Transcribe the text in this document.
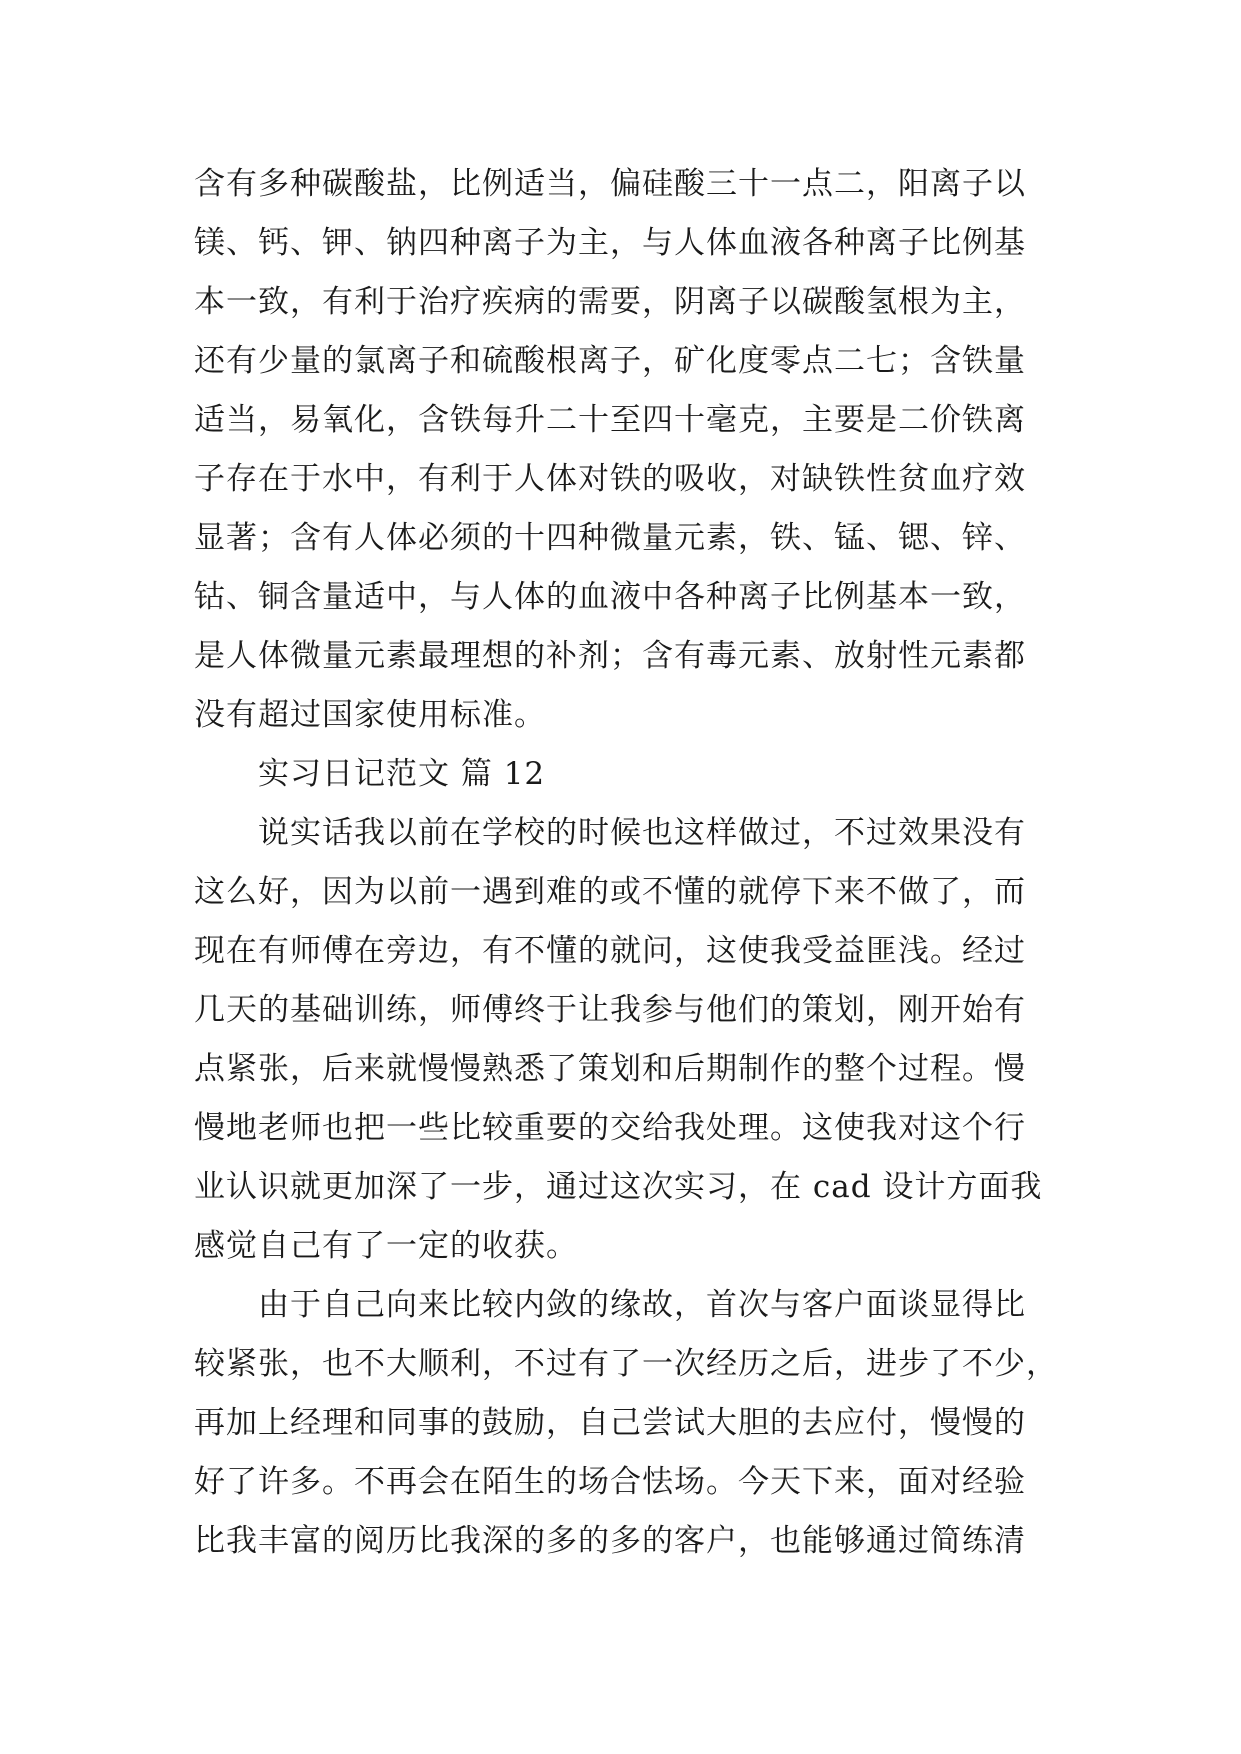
含有多种碳酸盐，比例适当，偏硅酸三十一点二，阳离子以
镁、钙、钾、钠四种离子为主，与人体血液各种离子比例基
本一致，有利于治疗疾病的需要，阴离子以碳酸氢根为主，
还有少量的氯离子和硫酸根离子，矿化度零点二七；含铁量
适当，易氧化，含铁每升二十至四十毫克，主要是二价铁离
子存在于水中，有利于人体对铁的吸收，对缺铁性贫血疗效
显著；含有人体必须的十四种微量元素，铁、锰、锶、锌、
钴、铜含量适中，与人体的血液中各种离子比例基本一致，
是人体微量元素最理想的补剂；含有毒元素、放射性元素都
没有超过国家使用标准。
实习日记范文 篇 12
说实话我以前在学校的时候也这样做过，不过效果没有
这么好，因为以前一遇到难的或不懂的就停下来不做了，而
现在有师傅在旁边，有不懂的就问，这使我受益匪浅。经过
几天的基础训练，师傅终于让我参与他们的策划，刚开始有
点紧张，后来就慢慢熟悉了策划和后期制作的整个过程。慢
慢地老师也把一些比较重要的交给我处理。这使我对这个行
业认识就更加深了一步，通过这次实习，在 cad 设计方面我
感觉自己有了一定的收获。
由于自己向来比较内敛的缘故，首次与客户面谈显得比
较紧张，也不大顺利，不过有了一次经历之后，进步了不少，
再加上经理和同事的鼓励，自己尝试大胆的去应付，慢慢的
好了许多。不再会在陌生的场合怯场。今天下来，面对经验
比我丰富的阅历比我深的多的多的客户，也能够通过简练清
